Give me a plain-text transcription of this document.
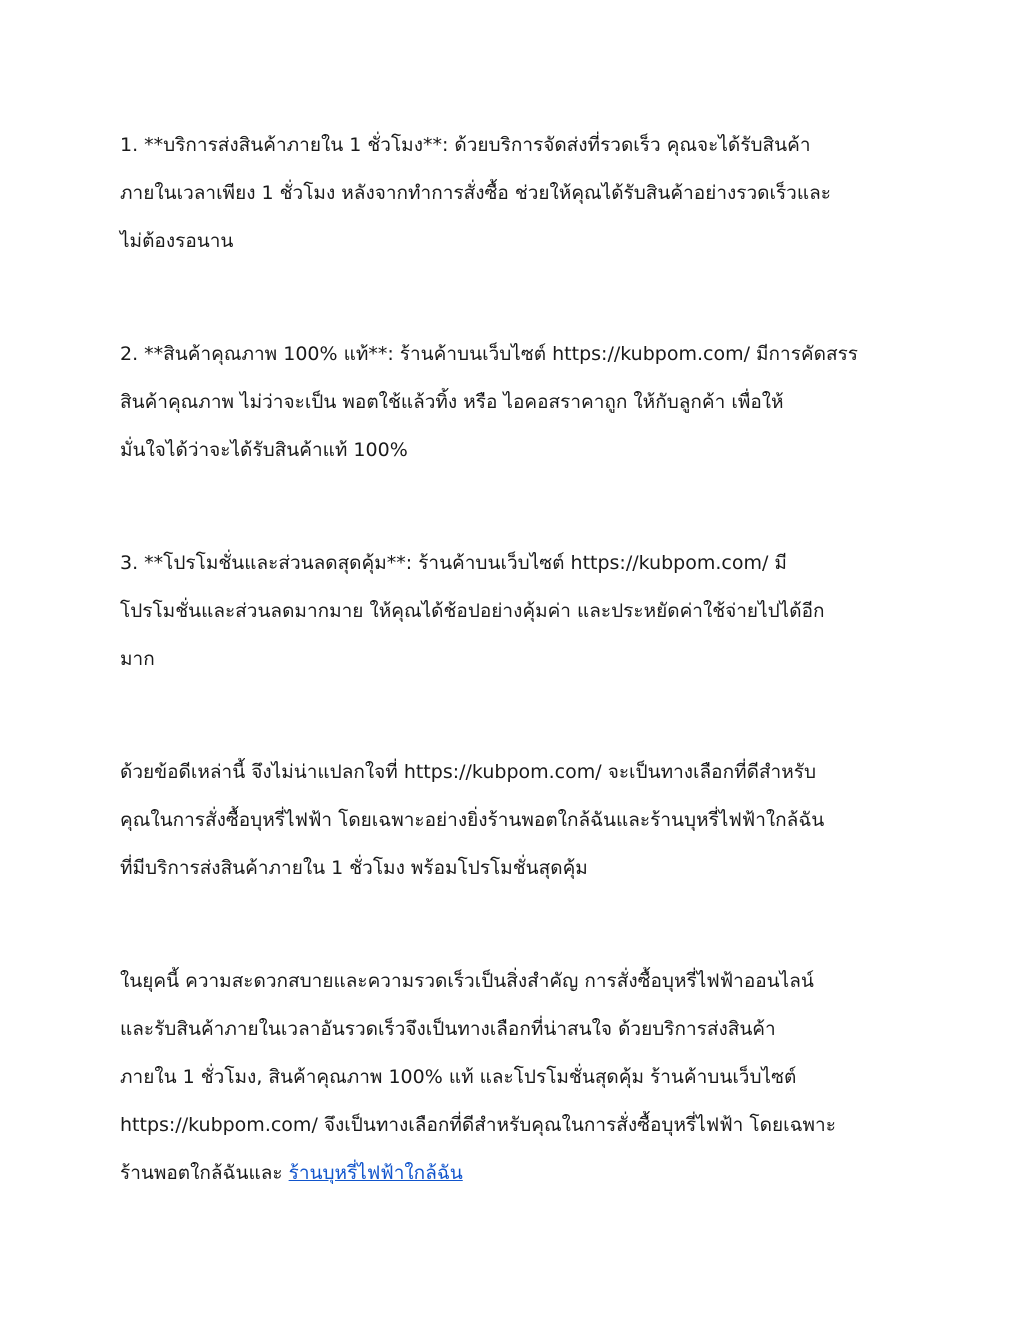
1. **บริการส่งสินค้าภายใน 1 ชั่วโมง**: ด้วยบริการจัดส่งที่รวดเร็ว คุณจะได้รับสินค้า
ภายในเวลาเพียง 1 ชั่วโมง หลังจากทำการสั่งซื้อ ช่วยให้คุณได้รับสินค้าอย่างรวดเร็วและ
ไม่ต้องรอนาน

2. **สินค้าคุณภาพ 100% แท้**: ร้านค้าบนเว็บไซต์ https://kubpom.com/ มีการคัดสรร
สินค้าคุณภาพ ไม่ว่าจะเป็น พอตใช้แล้วทิ้ง หรือ ไอคอสราคาถูก ให้กับลูกค้า เพื่อให้
มั่นใจได้ว่าจะได้รับสินค้าแท้ 100%

3. **โปรโมชั่นและส่วนลดสุดคุ้ม**: ร้านค้าบนเว็บไซต์ https://kubpom.com/ มี
โปรโมชั่นและส่วนลดมากมาย ให้คุณได้ช้อปอย่างคุ้มค่า และประหยัดค่าใช้จ่ายไปได้อีก
มาก

ด้วยข้อดีเหล่านี้ จึงไม่น่าแปลกใจที่ https://kubpom.com/ จะเป็นทางเลือกที่ดีสำหรับ
คุณในการสั่งซื้อบุหรี่ไฟฟ้า โดยเฉพาะอย่างยิ่งร้านพอตใกล้ฉันและร้านบุหรี่ไฟฟ้าใกล้ฉัน
ที่มีบริการส่งสินค้าภายใน 1 ชั่วโมง พร้อมโปรโมชั่นสุดคุ้ม

ในยุคนี้ ความสะดวกสบายและความรวดเร็วเป็นสิ่งสำคัญ การสั่งซื้อบุหรี่ไฟฟ้าออนไลน์
และรับสินค้าภายในเวลาอันรวดเร็วจึงเป็นทางเลือกที่น่าสนใจ ด้วยบริการส่งสินค้า
ภายใน 1 ชั่วโมง, สินค้าคุณภาพ 100% แท้ และโปรโมชั่นสุดคุ้ม ร้านค้าบนเว็บไซต์
https://kubpom.com/ จึงเป็นทางเลือกที่ดีสำหรับคุณในการสั่งซื้อบุหรี่ไฟฟ้า โดยเฉพาะ
ร้านพอตใกล้ฉันและ ร้านบุหรี่ไฟฟ้าใกล้ฉัน
